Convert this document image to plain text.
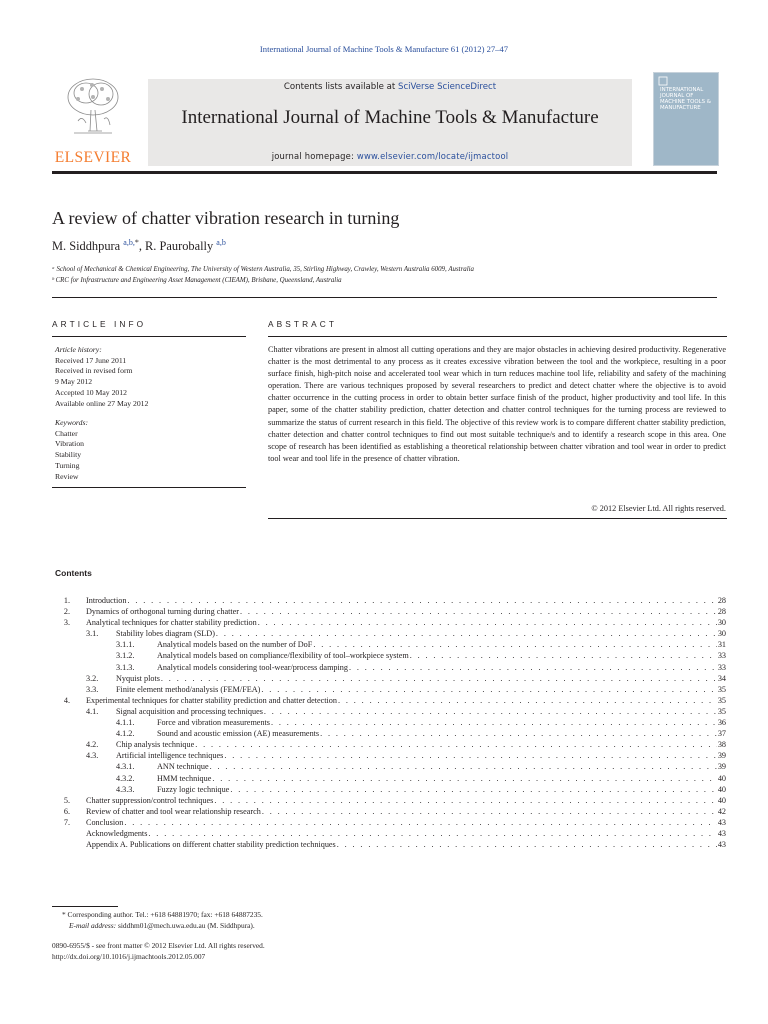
International Journal of Machine Tools & Manufacture 61 (2012) 27–47
ELSEVIER
Contents lists available at SciVerse ScienceDirect
International Journal of Machine Tools & Manufacture
journal homepage: www.elsevier.com/locate/ijmactool
INTERNATIONAL JOURNAL OF MACHINE TOOLS & MANUFACTURE
A review of chatter vibration research in turning
M. Siddhpura $^{a,b,*}$, R. Paurobally $^{a,b}$
ᵃ School of Mechanical & Chemical Engineering, The University of Western Australia, 35, Stirling Highway, Crawley, Western Australia 6009, Australia
ᵇ CRC for Infrastructure and Engineering Asset Management (CIEAM), Brisbane, Queensland, Australia
ARTICLE INFO
Article history:
Received 17 June 2011
Received in revised form
9 May 2012
Accepted 10 May 2012
Available online 27 May 2012
Keywords:
Chatter
Vibration
Stability
Turning
Review
ABSTRACT
Chatter vibrations are present in almost all cutting operations and they are major obstacles in achieving desired productivity. Regenerative chatter is the most detrimental to any process as it creates excessive vibration between the tool and the workpiece, resulting in a poor surface finish, high-pitch noise and accelerated tool wear which in turn reduces machine tool life, reliability and safety of the machining operation. There are various techniques proposed by several researchers to predict and detect chatter where the objective is to avoid chatter occurrence in the cutting process in order to obtain better surface finish of the product, higher productivity and tool life. In this paper, some of the chatter stability prediction, chatter detection and chatter control techniques for the turning process are reviewed to summarize the status of current research in this field. The objective of this review work is to compare different chatter stability prediction, chatter detection and chatter control techniques to find out most suitable technique/s and to identify a research scope in this area. One scope of research has been identified as establishing a theoretical relationship between chatter vibration and tool wear in order to predict tool wear and tool life in the presence of chatter vibration.
© 2012 Elsevier Ltd. All rights reserved.
Contents
1.	Introduction . . .	28
2.	Dynamics of orthogonal turning during chatter . . .	28
3.	Analytical techniques for chatter stability prediction . . .	30
3.1.	Stability lobes diagram (SLD) . . .	30
3.1.1.	Analytical models based on the number of DoF . . .	31
3.1.2.	Analytical models based on compliance/flexibility of tool–workpiece system . . .	33
3.1.3.	Analytical models considering tool-wear/process damping . . .	33
3.2.	Nyquist plots . . .	34
3.3.	Finite element method/analysis (FEM/FEA) . . .	35
4.	Experimental techniques for chatter stability prediction and chatter detection . . .	35
4.1.	Signal acquisition and processing techniques . . .	35
4.1.1.	Force and vibration measurements . . .	36
4.1.2.	Sound and acoustic emission (AE) measurements . . .	37
4.2.	Chip analysis technique . . .	38
4.3.	Artificial intelligence techniques . . .	39
4.3.1.	ANN technique . . .	39
4.3.2.	HMM technique . . .	40
4.3.3.	Fuzzy logic technique . . .	40
5.	Chatter suppression/control techniques . . .	40
6.	Review of chatter and tool wear relationship research . . .	42
7.	Conclusion . . .	43
Acknowledgments . . .	43
Appendix A. Publications on different chatter stability prediction techniques . . .	43
* Corresponding author. Tel.: +618 64881970; fax: +618 64887235.
E-mail address: siddhm01@mech.uwa.edu.au (M. Siddhpura).
0890-6955/$ - see front matter © 2012 Elsevier Ltd. All rights reserved.
http://dx.doi.org/10.1016/j.ijmachtools.2012.05.007
